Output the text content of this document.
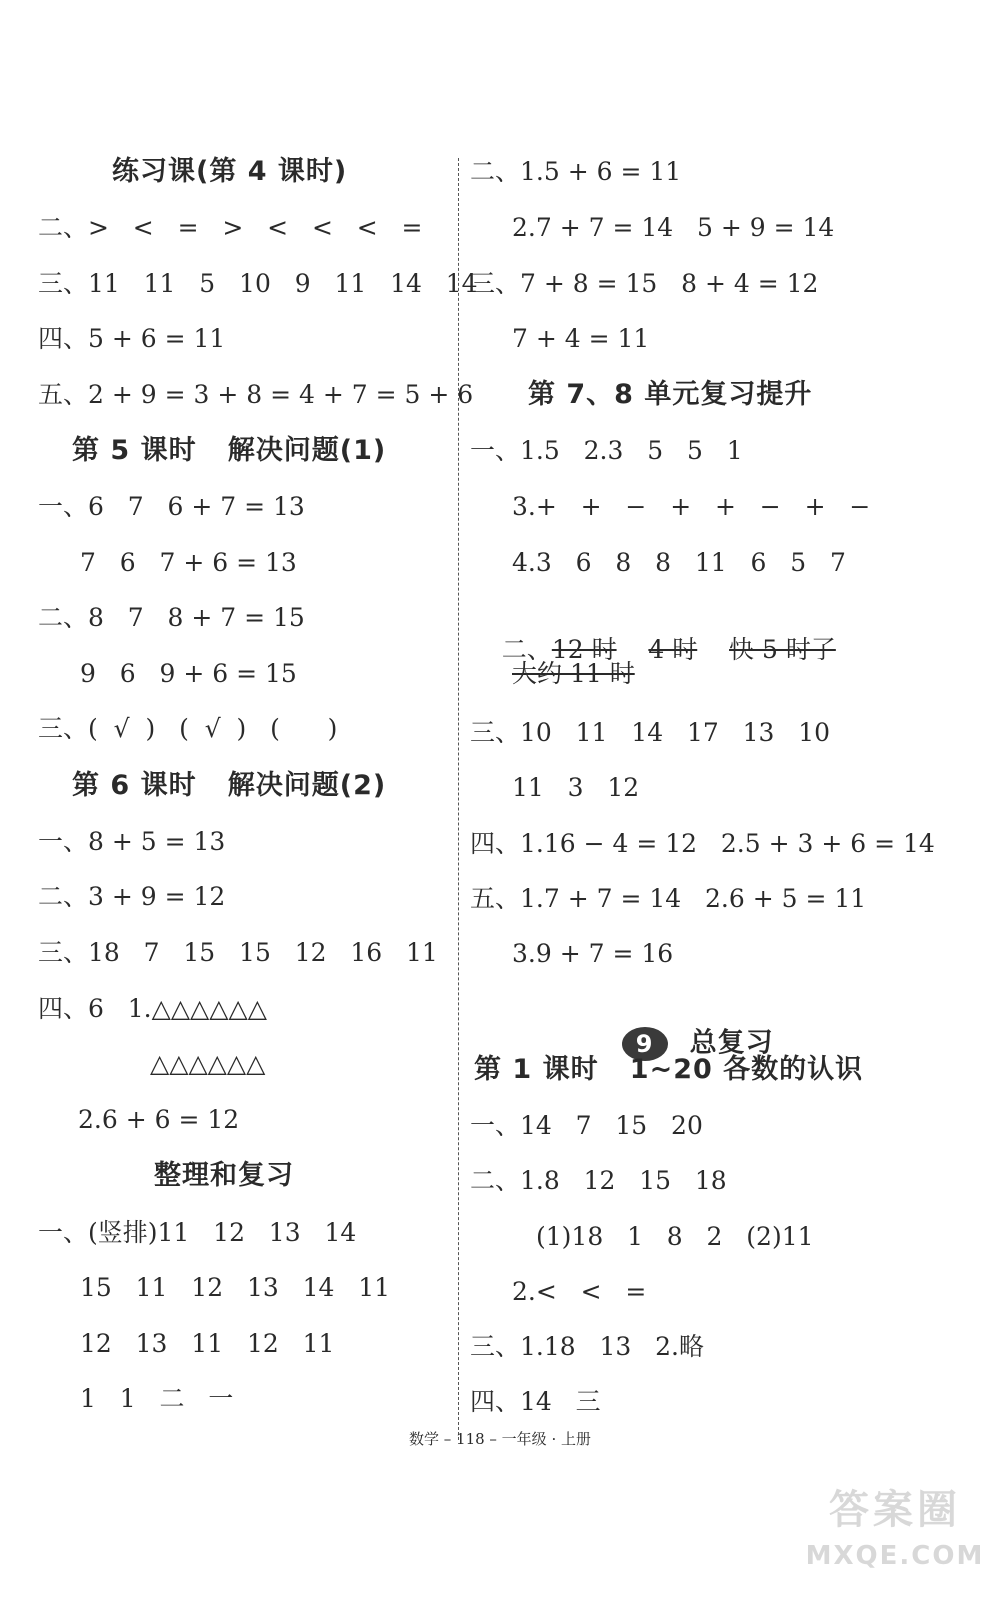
练习课(第 4 课时)
二、>   <   =   >   <   <   <   =
三、11   11   5   10   9   11   14   14
四、5 + 6 = 11
五、2 + 9 = 3 + 8 = 4 + 7 = 5 + 6
第 5 课时   解决问题(1)
一、6   7   6 + 7 = 13
7   6   7 + 6 = 13
二、8   7   8 + 7 = 15
9   6   9 + 6 = 15
三、(  √  )   (  √  )   (      )
第 6 课时   解决问题(2)
一、8 + 5 = 13
二、3 + 9 = 12
三、18   7   15   15   12   16   11
四、6   1.△△△△△△
△△△△△△
2.6 + 6 = 12
整理和复习
一、(竖排)11   12   13   14
15   11   12   13   14   11
12   13   11   12   11
1   1   二   一
二、1.5 + 6 = 11
2.7 + 7 = 14   5 + 9 = 14
三、7 + 8 = 15   8 + 4 = 12
7 + 4 = 11
第 7、8 单元复习提升
一、1.5   2.3   5   5   1
3.+   +   −   +   +   −   +   −
4.3   6   8   8   11   6   5   7

二、12 时 4 时 快 5 时了

大约 11 时
三、10   11   14   17   13   10
11   3   12
四、1.16 − 4 = 12   2.5 + 3 + 6 = 14
五、1.7 + 7 = 14   2.6 + 5 = 11
3.9 + 7 = 16

9 总复习

第 1 课时   1~20 各数的认识
一、14   7   15   20
二、1.8   12   15   18
(1)18   1   8   2   (2)11
2.<   <   =
三、1.18   13   2.略
四、14   三
数学 – 118 – 一年级 · 上册
答案圈
MXQE.COM
